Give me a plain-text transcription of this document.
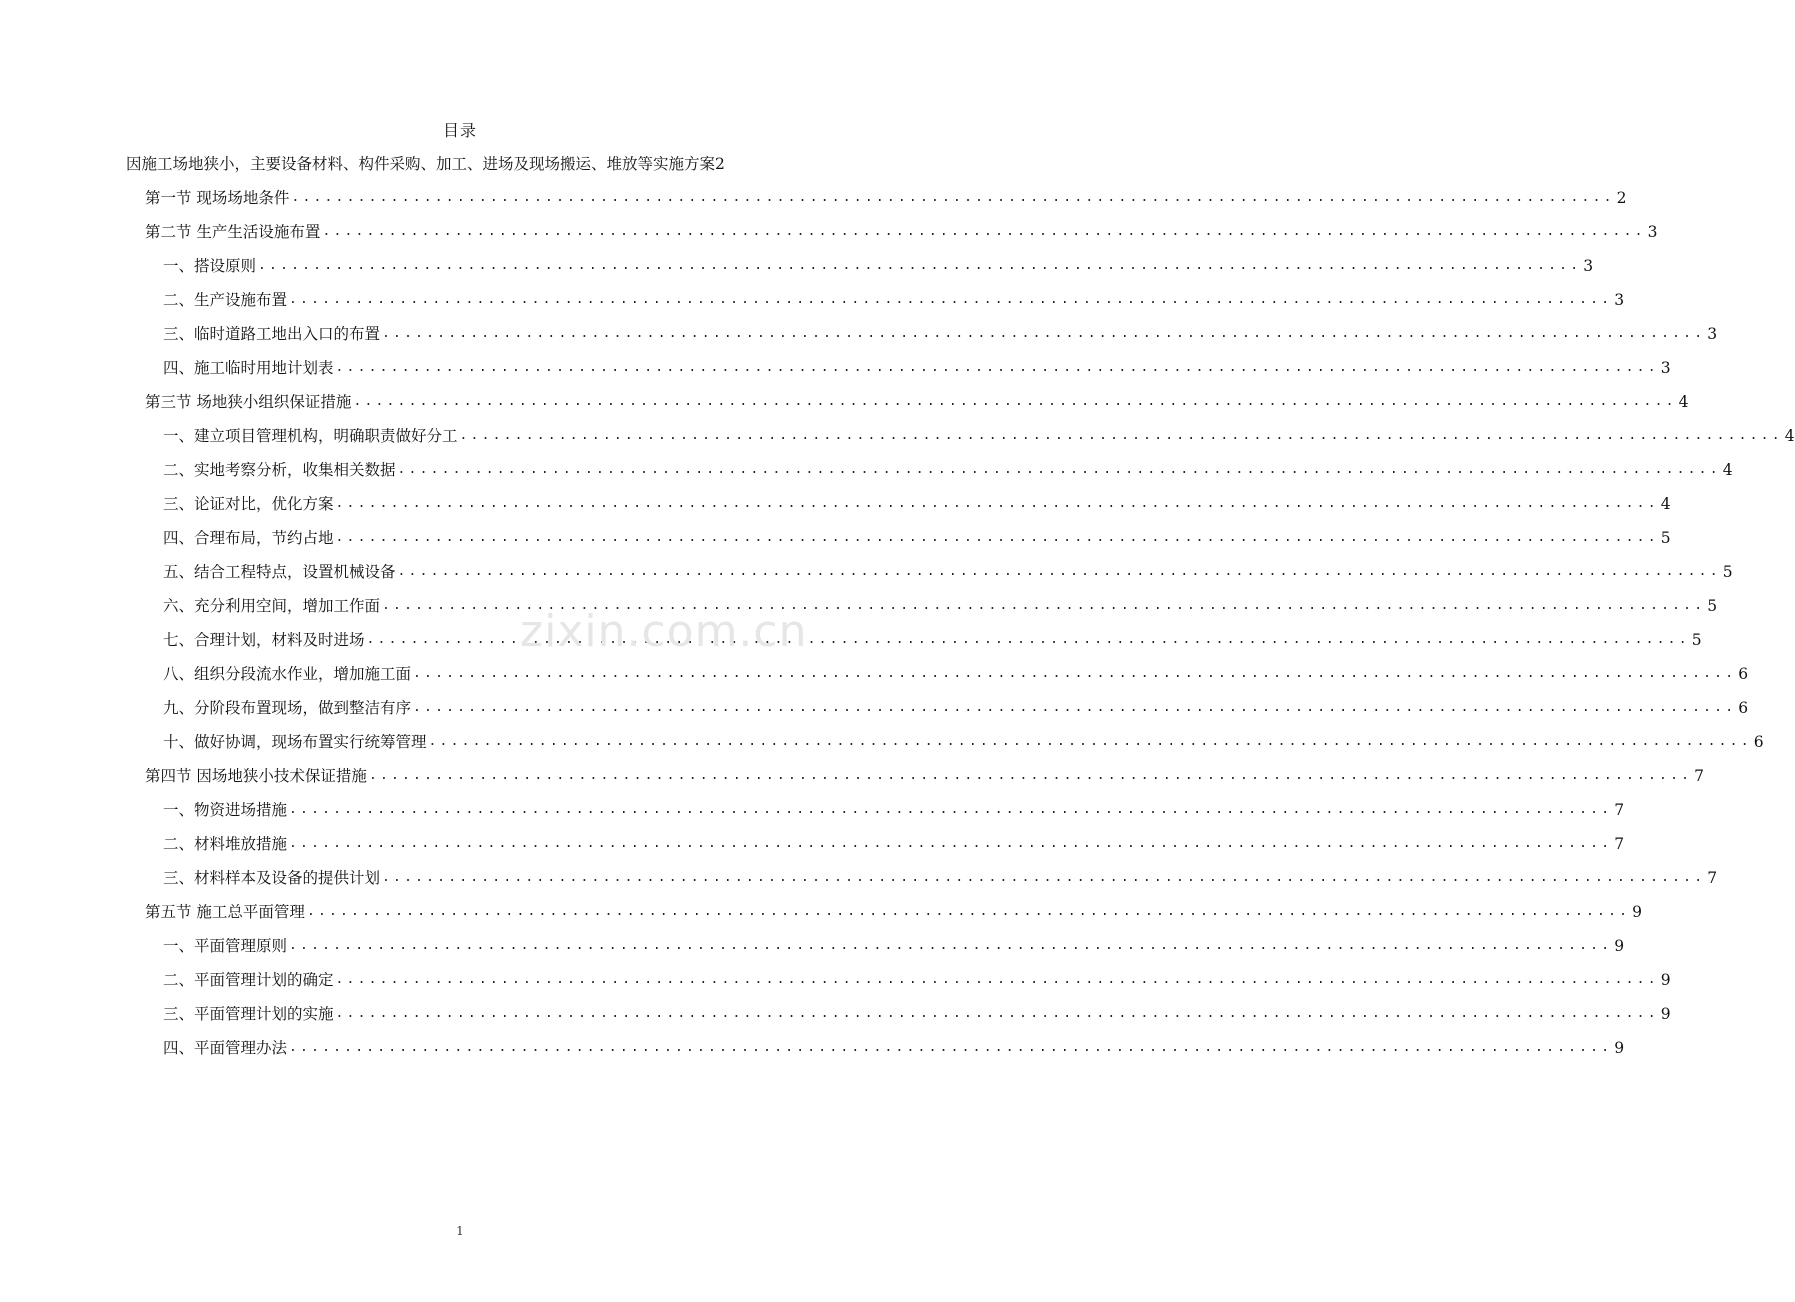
目录
因施工场地狭小，主要设备材料、构件采购、加工、进场及现场搬运、堆放等实施方案 2
第一节 现场场地条件 ........................................................................................................................ 2
第二节 生产生活设施布置 ........................................................................................................................ 3
一、 搭设原则 ........................................................................................................................ 3
二、 生产设施布置 ........................................................................................................................ 3
三、 临时道路工地出入口的布置 ........................................................................................................................ 3
四、 施工临时用地计划表 ........................................................................................................................ 3
第三节 场地狭小组织保证措施 ........................................................................................................................ 4
一、 建立项目管理机构，明确职责做好分工 ........................................................................................................................ 4
二、 实地考察分析，收集相关数据 ........................................................................................................................ 4
三、 论证对比，优化方案 ........................................................................................................................ 4
四、 合理布局，节约占地 ........................................................................................................................ 5
五、 结合工程特点，设置机械设备 ........................................................................................................................ 5
六、 充分利用空间，增加工作面 ........................................................................................................................ 5
七、 合理计划，材料及时进场 ........................................................................................................................ 5
八、 组织分段流水作业，增加施工面 ........................................................................................................................ 6
九、 分阶段布置现场，做到整洁有序 ........................................................................................................................ 6
十、 做好协调，现场布置实行统筹管理 ........................................................................................................................ 6
第四节 因场地狭小技术保证措施 ........................................................................................................................ 7
一、 物资进场措施 ........................................................................................................................ 7
二、 材料堆放措施 ........................................................................................................................ 7
三、 材料样本及设备的提供计划 ........................................................................................................................ 7
第五节 施工总平面管理 ........................................................................................................................ 9
一、 平面管理原则 ........................................................................................................................ 9
二、 平面管理计划的确定 ........................................................................................................................ 9
三、 平面管理计划的实施 ........................................................................................................................ 9
四、 平面管理办法 ........................................................................................................................ 9
zixin.com.cn
1
